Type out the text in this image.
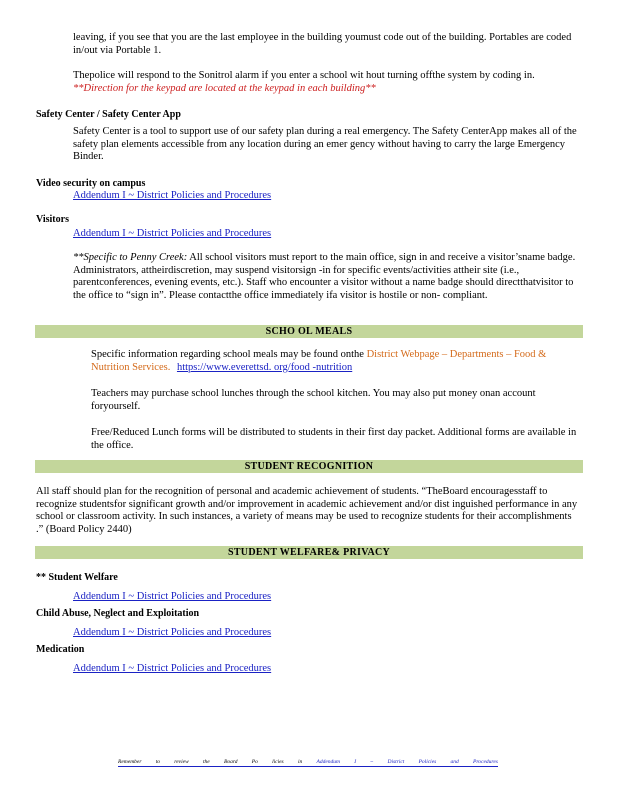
leaving, if you see that you are the last employee in the building youmust code out of the building. Portables are coded in/out via Portable 1.

Thepolice will respond to the Sonitrol alarm if you enter a school wit hout turning offthe system by coding in. **Direction for the keypad are located at the keypad in each building**

Safety Center / Safety Center App

Safety Center is a tool to support use of our safety plan during a real emergency. The Safety CenterApp makes all of the safety plan elements accessible from any location during an emer gency without having to carry the large Emergency Binder.

Video security on campus
Addendum I ~ District Policies and Procedures
Visitors
Addendum I ~ District Policies and Procedures

**Specific to Penny Creek: All school visitors must report to the main office, sign in and receive a visitor’sname badge. Administrators, attheirdiscretion, may suspend visitorsign -in for specific events/activities attheir site (i.e., parentconferences, evening events, etc.). Staff who encounter a visitor without a name badge should directthatvisitor to the office to “sign in”. Please contactthe office immediately ifa visitor is hostile or non- compliant.

SCHO OL MEALS

Specific information regarding school meals may be found onthe District Webpage – Departments – Food & Nutrition Services. https://www.everettsd. org/food -nutrition

Teachers may purchase school lunches through the school kitchen. You may also put money onan account foryourself.

Free/Reduced Lunch forms will be distributed to students in their first day packet. Additional forms are available in the office.

STUDENT RECOGNITION

All staff should plan for the recognition of personal and academic achievement of students. “TheBoard encouragesstaff to recognize studentsfor significant growth and/or improvement in academic achievement and/or dist inguished performance in any school or classroom activity. In such instances, a variety of means may be used to recognize students for their accomplishments .” (Board Policy 2440)

STUDENT WELFARE& PRIVACY
** Student Welfare
Addendum I ~ District Policies and Procedures
Child Abuse, Neglect and Exploitation
Addendum I ~ District Policies and Procedures
Medication
Addendum I ~ District Policies and Procedures
Remember	to	review	the	Board	Po	licies	in	Addendum	I	~	District	Policies	and	Procedures
